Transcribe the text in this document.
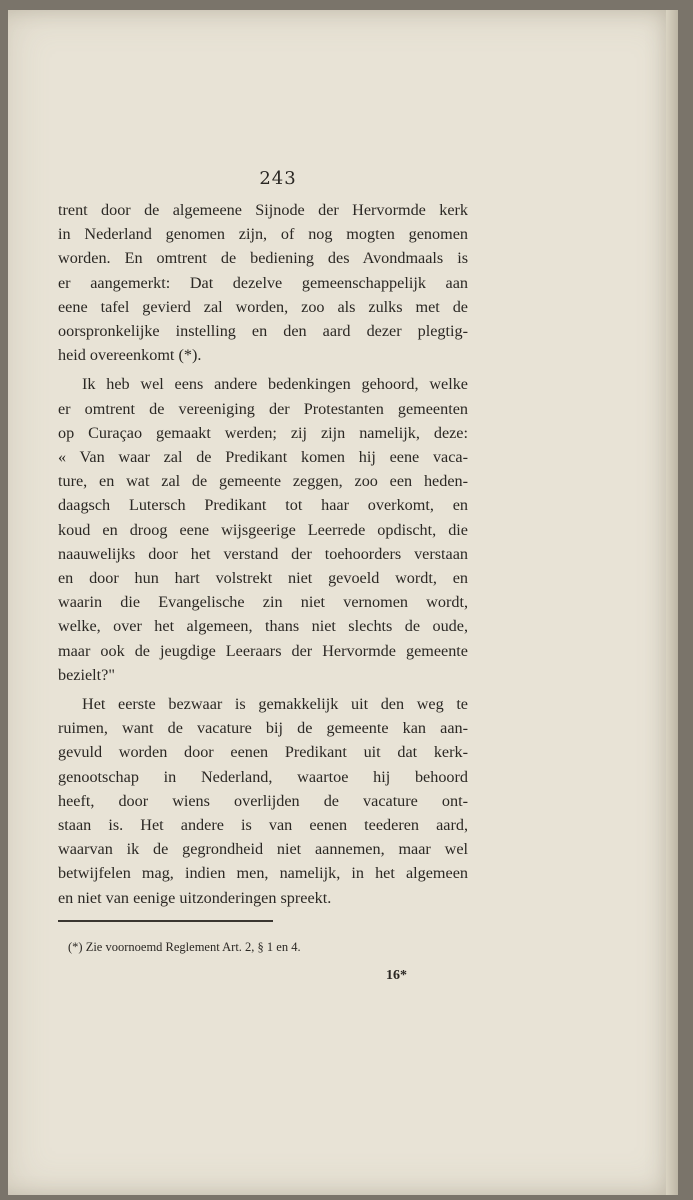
243

trent door de algemeene Sijnode der Hervormde kerk
in Nederland genomen zijn, of nog mogten genomen
worden. En omtrent de bediening des Avondmaals is
er aangemerkt: Dat dezelve gemeenschappelijk aan
eene tafel gevierd zal worden, zoo als zulks met de
oorspronkelijke instelling en den aard dezer plegtig-
heid overeenkomt (*).

Ik heb wel eens andere bedenkingen gehoord, welke
er omtrent de vereeniging der Protestanten gemeenten
op Curaçao gemaakt werden; zij zijn namelijk, deze:
« Van waar zal de Predikant komen hij eene vaca-
ture, en wat zal de gemeente zeggen, zoo een heden-
daagsch Lutersch Predikant tot haar overkomt, en
koud en droog eene wijsgeerige Leerrede opdischt, die
naauwelijks door het verstand der toehoorders verstaan
en door hun hart volstrekt niet gevoeld wordt, en
waarin die Evangelische zin niet vernomen wordt,
welke, over het algemeen, thans niet slechts de oude,
maar ook de jeugdige Leeraars der Hervormde gemeente
bezielt?"

Het eerste bezwaar is gemakkelijk uit den weg te
ruimen, want de vacature bij de gemeente kan aan-
gevuld worden door eenen Predikant uit dat kerk-
genootschap in Nederland, waartoe hij behoord
heeft, door wiens overlijden de vacature ont-
staan is. Het andere is van eenen teederen aard,
waarvan ik de gegrondheid niet aannemen, maar wel
betwijfelen mag, indien men, namelijk, in het algemeen
en niet van eenige uitzonderingen spreekt.

(*) Zie voornoemd Reglement Art. 2, § 1 en 4.
16*
